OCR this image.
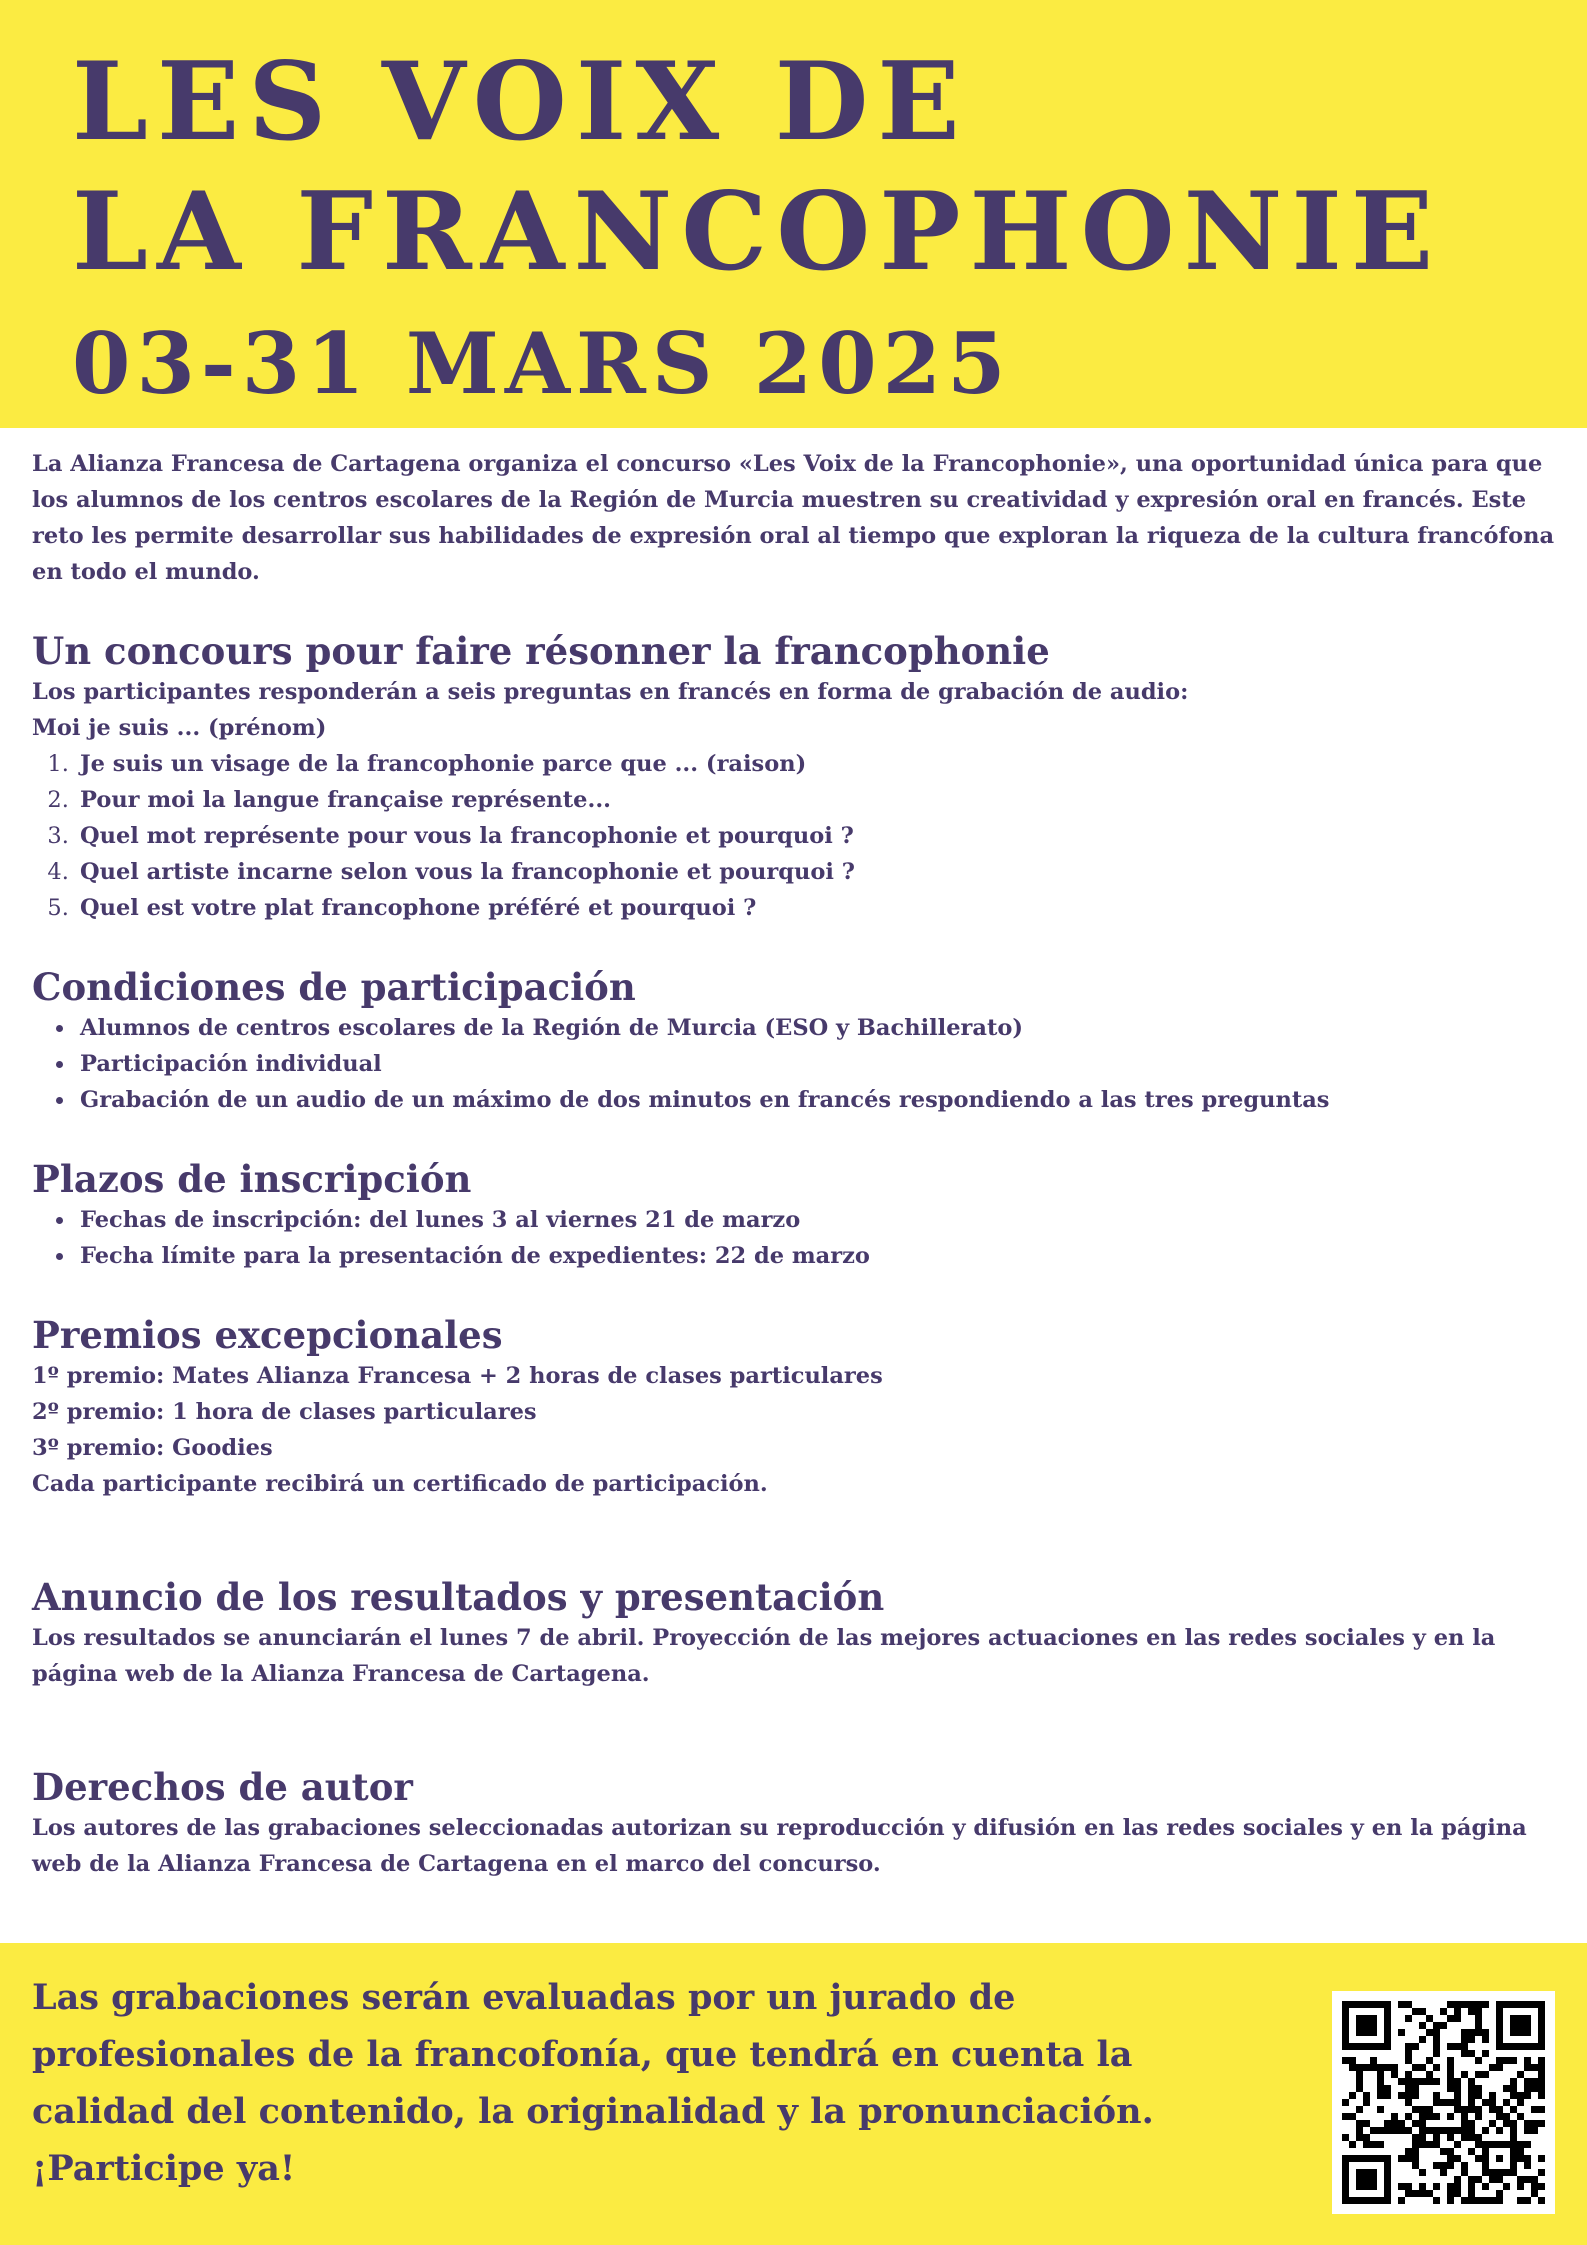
LES VOIX DE
LA FRANCOPHONIE
03-31 MARS 2025

La Alianza Francesa de Cartagena organiza el concurso «Les Voix de la Francophonie», una oportunidad única para que los alumnos de los centros escolares de la Región de Murcia muestren su creatividad y expresión oral en francés. Este reto les permite desarrollar sus habilidades de expresión oral al tiempo que exploran la riqueza de la cultura francófona en todo el mundo.

Un concours pour faire résonner la francophonie

Los participantes responderán a seis preguntas en francés en forma de grabación de audio:

Moi je suis ... (prénom)

1. Je suis un visage de la francophonie parce que ... (raison)
2. Pour moi la langue française représente...
3. Quel mot représente pour vous la francophonie et pourquoi ?
4. Quel artiste incarne selon vous la francophonie et pourquoi ?
5. Quel est votre plat francophone préféré et pourquoi ?
Condiciones de participación
• Alumnos de centros escolares de la Región de Murcia (ESO y Bachillerato)
• Participación individual
• Grabación de un audio de un máximo de dos minutos en francés respondiendo a las tres preguntas
Plazos de inscripción
• Fechas de inscripción: del lunes 3 al viernes 21 de marzo
• Fecha límite para la presentación de expedientes: 22 de marzo
Premios excepcionales

1º premio: Mates Alianza Francesa + 2 horas de clases particulares

2º premio: 1 hora de clases particulares

3º premio: Goodies

Cada participante recibirá un certificado de participación.

Anuncio de los resultados y presentación

Los resultados se anunciarán el lunes 7 de abril. Proyección de las mejores actuaciones en las redes sociales y en la página web de la Alianza Francesa de Cartagena.

Derechos de autor

Los autores de las grabaciones seleccionadas autorizan su reproducción y difusión en las redes sociales y en la página web de la Alianza Francesa de Cartagena en el marco del concurso.

Las grabaciones serán evaluadas por un jurado de
profesionales de la francofonía, que tendrá en cuenta la
calidad del contenido, la originalidad y la pronunciación.
¡Participe ya!
